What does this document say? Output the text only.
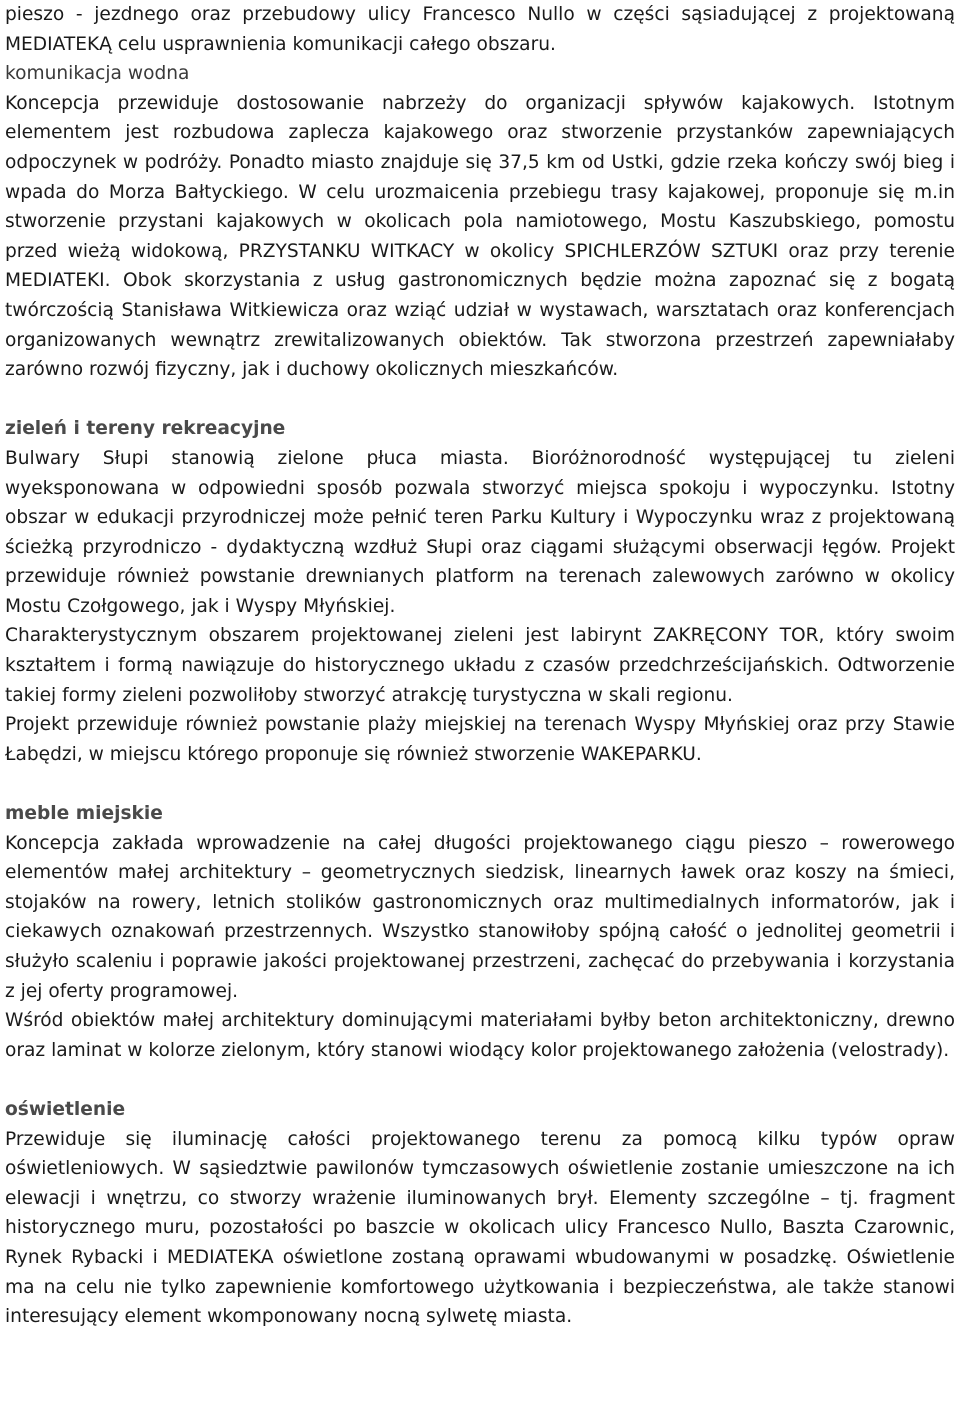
pieszo - jezdnego oraz przebudowy ulicy Francesco Nullo w części sąsiadującej z projektowaną MEDIATEKĄ celu usprawnienia komunikacji całego obszaru.

komunikacja wodna

Koncepcja przewiduje dostosowanie nabrzeży do organizacji spływów kajakowych. Istotnym elementem jest rozbudowa zaplecza kajakowego oraz stworzenie przystanków zapewniających odpoczynek w podróży. Ponadto miasto znajduje się 37,5 km od Ustki, gdzie rzeka kończy swój bieg i wpada do Morza Bałtyckiego. W celu urozmaicenia przebiegu trasy kajakowej, proponuje się m.in stworzenie przystani kajakowych w okolicach pola namiotowego, Mostu Kaszubskiego, pomostu przed wieżą widokową, PRZYSTANKU WITKACY w okolicy SPICHLERZÓW SZTUKI oraz przy terenie MEDIATEKI. Obok skorzystania z usług gastronomicznych będzie można zapoznać się z bogatą twórczością Stanisława Witkiewicza oraz wziąć udział w wystawach, warsztatach oraz konferencjach organizowanych wewnątrz zrewitalizowanych obiektów. Tak stworzona przestrzeń zapewniałaby zarówno rozwój fizyczny, jak i duchowy okolicznych mieszkańców.

zieleń i tereny rekreacyjne

Bulwary Słupi stanowią zielone płuca miasta. Bioróżnorodność występującej tu zieleni wyeksponowana w odpowiedni sposób pozwala stworzyć miejsca spokoju i wypoczynku. Istotny obszar w edukacji przyrodniczej może pełnić teren Parku Kultury i Wypoczynku wraz z projektowaną ścieżką przyrodniczo - dydaktyczną wzdłuż Słupi oraz ciągami służącymi obserwacji łęgów. Projekt przewiduje również powstanie drewnianych platform na terenach zalewowych zarówno w okolicy Mostu Czołgowego, jak i Wyspy Młyńskiej.

Charakterystycznym obszarem projektowanej zieleni jest labirynt ZAKRĘCONY TOR, który swoim kształtem i formą nawiązuje do historycznego układu z czasów przedchrześcijańskich. Odtworzenie takiej formy zieleni pozwoliłoby stworzyć atrakcję turystyczna w skali regionu.

Projekt przewiduje również powstanie plaży miejskiej na terenach Wyspy Młyńskiej oraz przy Stawie Łabędzi, w miejscu którego proponuje się również stworzenie WAKEPARKU.

meble miejskie

Koncepcja zakłada wprowadzenie na całej długości projektowanego ciągu pieszo – rowerowego elementów małej architektury – geometrycznych siedzisk, linearnych ławek oraz koszy na śmieci, stojaków na rowery, letnich stolików gastronomicznych oraz multimedialnych informatorów, jak i ciekawych oznakowań przestrzennych. Wszystko stanowiłoby spójną całość o jednolitej geometrii i służyło scaleniu i poprawie jakości projektowanej przestrzeni, zachęcać do przebywania i korzystania z jej oferty programowej.

Wśród obiektów małej architektury dominującymi materiałami byłby beton architektoniczny, drewno oraz laminat w kolorze zielonym, który stanowi wiodący kolor projektowanego założenia (velostrady).

oświetlenie

Przewiduje się iluminację całości projektowanego terenu za pomocą kilku typów opraw oświetleniowych. W sąsiedztwie pawilonów tymczasowych oświetlenie zostanie umieszczone na ich elewacji i wnętrzu, co stworzy wrażenie iluminowanych brył. Elementy szczególne – tj. fragment historycznego muru, pozostałości po baszcie w okolicach ulicy Francesco Nullo, Baszta Czarownic, Rynek Rybacki i MEDIATEKA oświetlone zostaną oprawami wbudowanymi w posadzkę. Oświetlenie ma na celu nie tylko zapewnienie komfortowego użytkowania i bezpieczeństwa, ale także stanowi interesujący element wkomponowany nocną sylwetę miasta.
